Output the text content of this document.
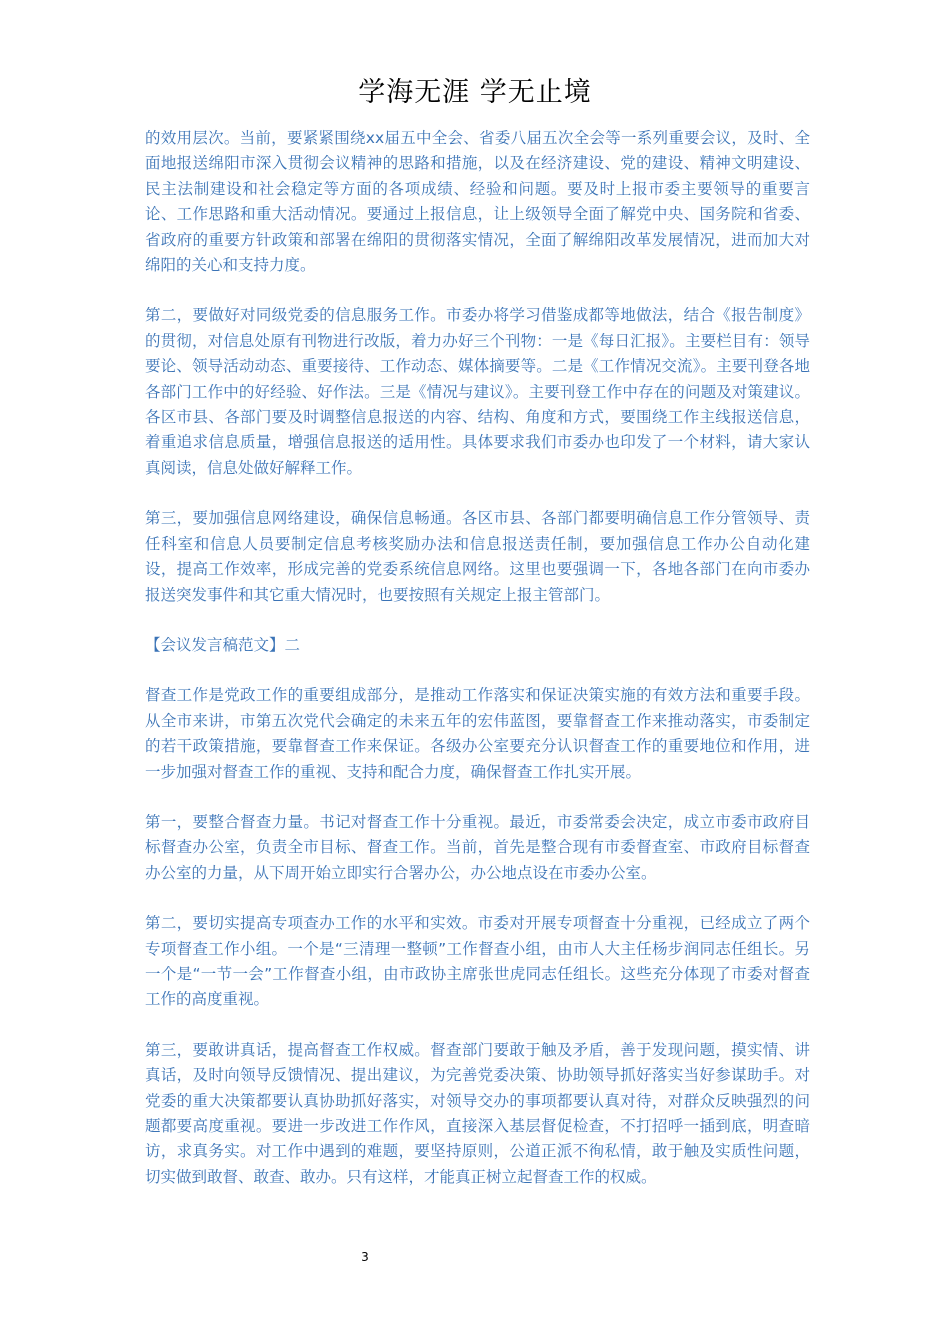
学海无涯 学无止境

的效用层次。当前，要紧紧围绕xx届五中全会、省委八届五次全会等一系列重要会议，及时、全面地报送绵阳市深入贯彻会议精神的思路和措施，以及在经济建设、党的建设、精神文明建设、民主法制建设和社会稳定等方面的各项成绩、经验和问题。要及时上报市委主要领导的重要言论、工作思路和重大活动情况。要通过上报信息，让上级领导全面了解党中央、国务院和省委、省政府的重要方针政策和部署在绵阳的贯彻落实情况，全面了解绵阳改革发展情况，进而加大对绵阳的关心和支持力度。

第二，要做好对同级党委的信息服务工作。市委办将学习借鉴成都等地做法，结合《报告制度》的贯彻，对信息处原有刊物进行改版，着力办好三个刊物：一是《每日汇报》。主要栏目有：领导要论、领导活动动态、重要接待、工作动态、媒体摘要等。二是《工作情况交流》。主要刊登各地各部门工作中的好经验、好作法。三是《情况与建议》。主要刊登工作中存在的问题及对策建议。各区市县、各部门要及时调整信息报送的内容、结构、角度和方式，要围绕工作主线报送信息，着重追求信息质量，增强信息报送的适用性。具体要求我们市委办也印发了一个材料，请大家认真阅读，信息处做好解释工作。

第三，要加强信息网络建设，确保信息畅通。各区市县、各部门都要明确信息工作分管领导、责任科室和信息人员要制定信息考核奖励办法和信息报送责任制，要加强信息工作办公自动化建设，提高工作效率，形成完善的党委系统信息网络。这里也要强调一下，各地各部门在向市委办报送突发事件和其它重大情况时，也要按照有关规定上报主管部门。

【会议发言稿范文】二

督查工作是党政工作的重要组成部分，是推动工作落实和保证决策实施的有效方法和重要手段。从全市来讲，市第五次党代会确定的未来五年的宏伟蓝图，要靠督查工作来推动落实，市委制定的若干政策措施，要靠督查工作来保证。各级办公室要充分认识督查工作的重要地位和作用，进一步加强对督查工作的重视、支持和配合力度，确保督查工作扎实开展。

第一，要整合督查力量。书记对督查工作十分重视。最近，市委常委会决定，成立市委市政府目标督查办公室，负责全市目标、督查工作。当前，首先是整合现有市委督查室、市政府目标督查办公室的力量，从下周开始立即实行合署办公，办公地点设在市委办公室。

第二，要切实提高专项查办工作的水平和实效。市委对开展专项督查十分重视，已经成立了两个专项督查工作小组。一个是“三清理一整顿”工作督查小组，由市人大主任杨步润同志任组长。另一个是“一节一会”工作督查小组，由市政协主席张世虎同志任组长。这些充分体现了市委对督查工作的高度重视。

第三，要敢讲真话，提高督查工作权威。督查部门要敢于触及矛盾，善于发现问题，摸实情、讲真话，及时向领导反馈情况、提出建议，为完善党委决策、协助领导抓好落实当好参谋助手。对党委的重大决策都要认真协助抓好落实，对领导交办的事项都要认真对待，对群众反映强烈的问题都要高度重视。要进一步改进工作作风，直接深入基层督促检查，不打招呼一插到底，明查暗访，求真务实。对工作中遇到的难题，要坚持原则，公道正派不徇私情，敢于触及实质性问题，切实做到敢督、敢查、敢办。只有这样，才能真正树立起督查工作的权威。

3
